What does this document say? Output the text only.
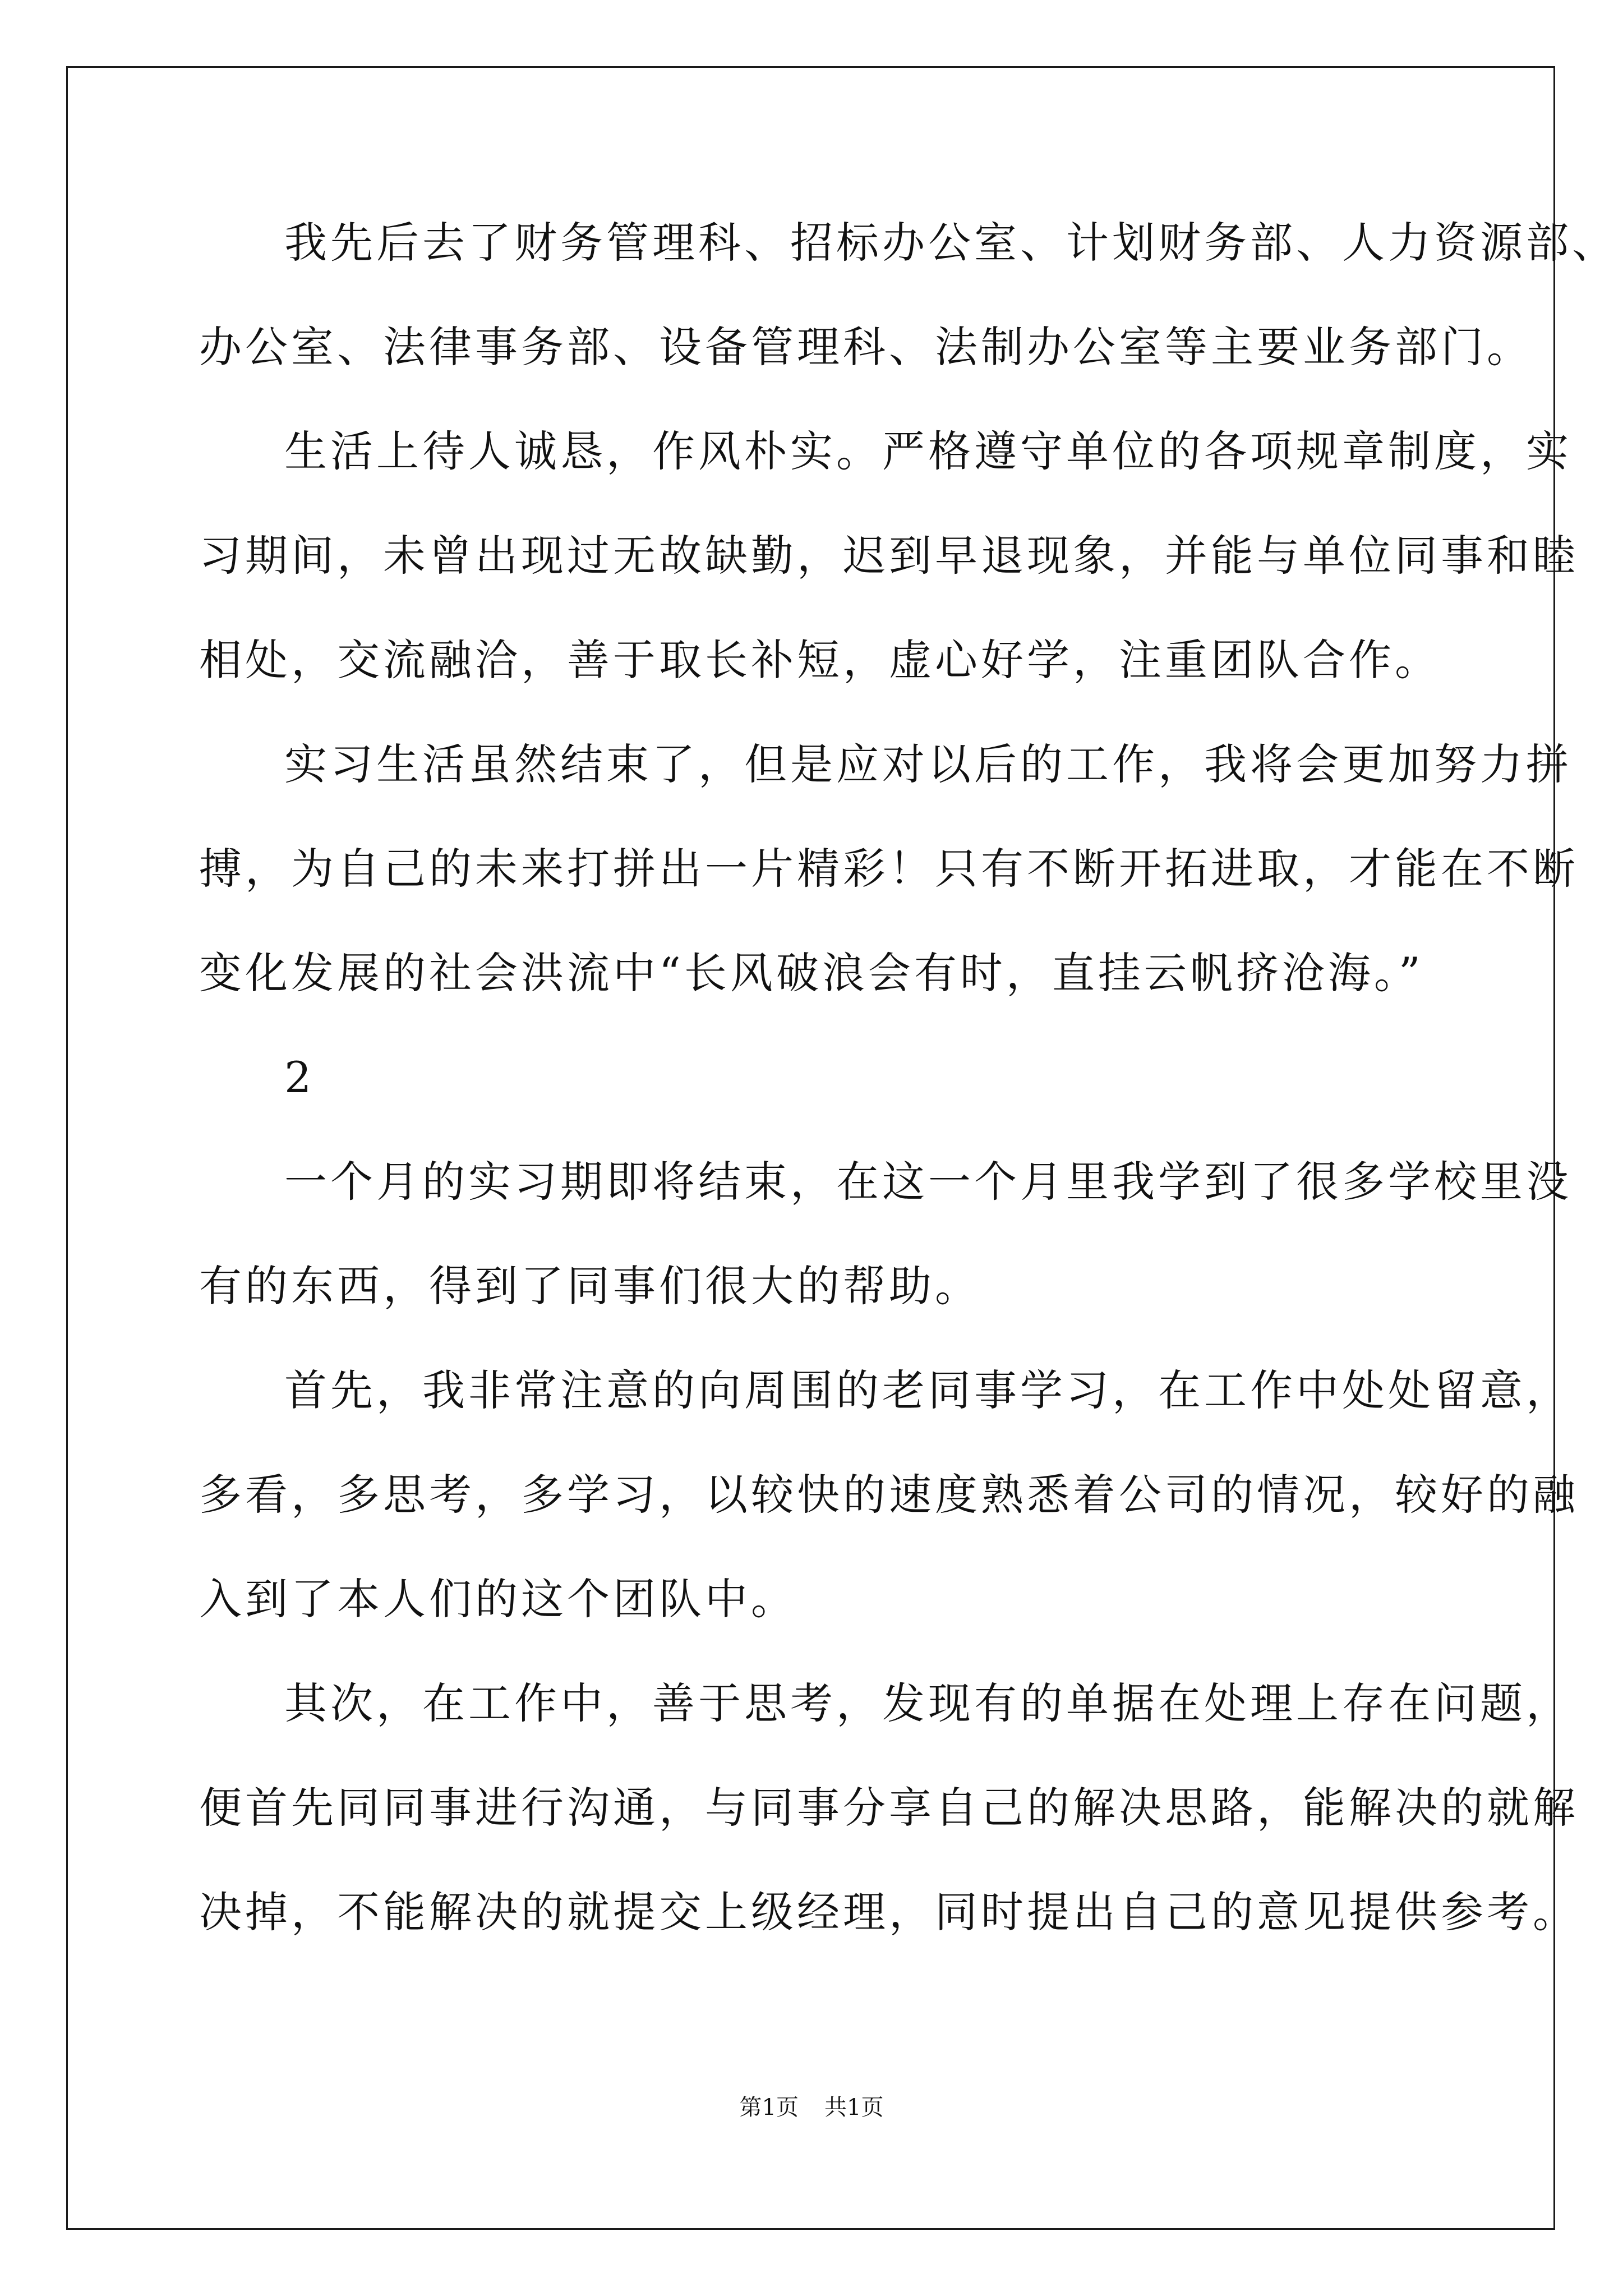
我先后去了财务管理科、招标办公室、计划财务部、人力资源部、
办公室、法律事务部、设备管理科、法制办公室等主要业务部门。
生活上待人诚恳，作风朴实。严格遵守单位的各项规章制度，实
习期间，未曾出现过无故缺勤，迟到早退现象，并能与单位同事和睦
相处，交流融洽，善于取长补短，虚心好学，注重团队合作。
实习生活虽然结束了，但是应对以后的工作，我将会更加努力拼
搏，为自己的未来打拼出一片精彩！只有不断开拓进取，才能在不断
变化发展的社会洪流中“长风破浪会有时，直挂云帆挤沧海。”
2
一个月的实习期即将结束，在这一个月里我学到了很多学校里没
有的东西，得到了同事们很大的帮助。
首先，我非常注意的向周围的老同事学习，在工作中处处留意，
多看，多思考，多学习，以较快的速度熟悉着公司的情况，较好的融
入到了本人们的这个团队中。
其次，在工作中，善于思考，发现有的单据在处理上存在问题，
便首先同同事进行沟通，与同事分享自己的解决思路，能解决的就解
决掉，不能解决的就提交上级经理，同时提出自己的意见提供参考。
第1页 共1页
